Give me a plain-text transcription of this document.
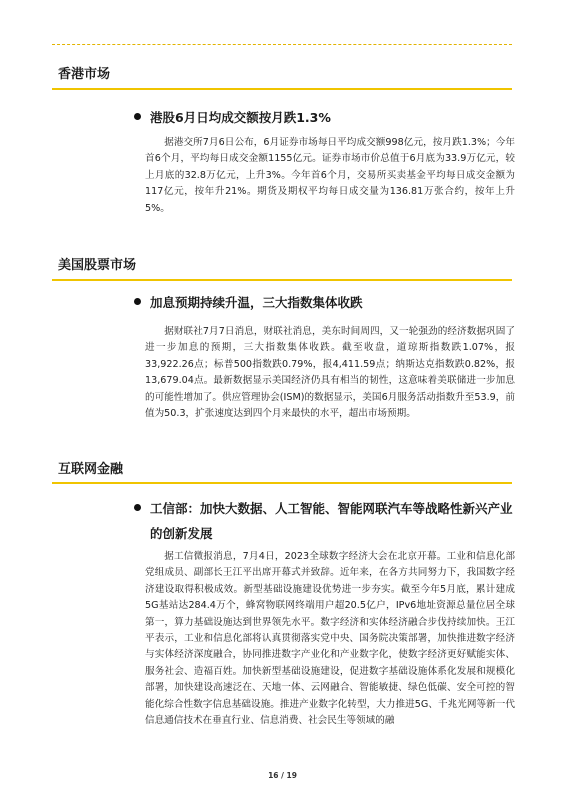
香港市场
港股6月日均成交额按月跌1.3%

据港交所7月6日公布，6月证券市场每日平均成交额998亿元，按月跌1.3%；今年首6个月，平均每日成交金额1155亿元。证券市场市价总值于6月底为33.9万亿元，较上月底的32.8万亿元，上升3%。今年首6个月，交易所买卖基金平均每日成交金额为117亿元，按年升21%。期货及期权平均每日成交量为136.81万张合约，按年上升5%。

美国股票市场
加息预期持续升温，三大指数集体收跌

据财联社7月7日消息，财联社消息，美东时间周四，又一轮强劲的经济数据巩固了进一步加息的预期，三大指数集体收跌。截至收盘，道琼斯指数跌1.07%，报33,922.26点；标普500指数跌0.79%，报4,411.59点；纳斯达克指数跌0.82%，报13,679.04点。最新数据显示美国经济仍具有相当的韧性，这意味着美联储进一步加息的可能性增加了。供应管理协会(ISM)的数据显示，美国6月服务活动指数升至53.9，前值为50.3，扩张速度达到四个月来最快的水平，超出市场预期。

互联网金融
工信部：加快大数据、人工智能、智能网联汽车等战略性新兴产业的创新发展

据工信微报消息，7月4日，2023全球数字经济大会在北京开幕。工业和信息化部党组成员、副部长王江平出席开幕式并致辞。近年来，在各方共同努力下，我国数字经济建设取得积极成效。新型基础设施建设优势进一步夯实。截至今年5月底，累计建成5G基站达284.4万个，蜂窝物联网终端用户超20.5亿户，IPv6地址资源总量位居全球第一，算力基础设施达到世界领先水平。数字经济和实体经济融合步伐持续加快。王江平表示，工业和信息化部将认真贯彻落实党中央、国务院决策部署，加快推进数字经济与实体经济深度融合，协同推进数字产业化和产业数字化，使数字经济更好赋能实体、服务社会、造福百姓。加快新型基础设施建设，促进数字基础设施体系化发展和规模化部署，加快建设高速泛在、天地一体、云网融合、智能敏捷、绿色低碳、安全可控的智能化综合性数字信息基础设施。推进产业数字化转型，大力推进5G、千兆光网等新一代信息通信技术在垂直行业、信息消费、社会民生等领域的融

16 / 19
